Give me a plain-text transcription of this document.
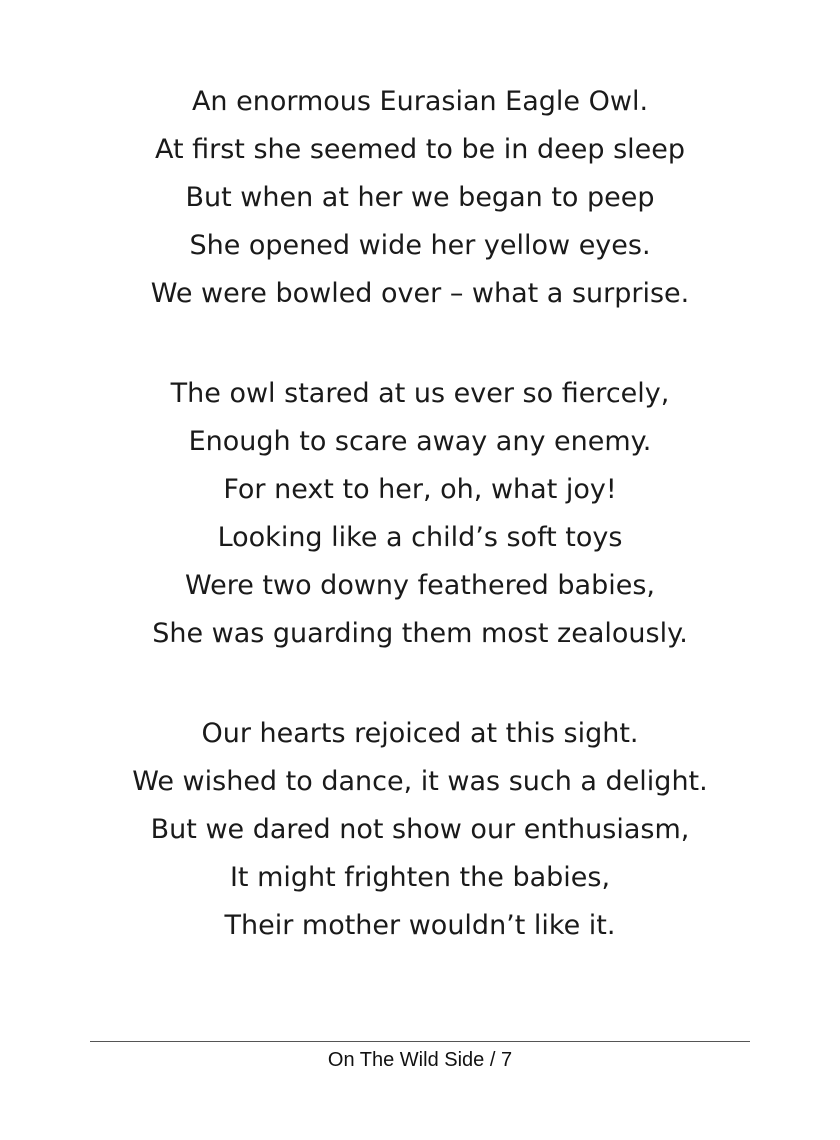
An enormous Eurasian Eagle Owl.
At first she seemed to be in deep sleep
But when at her we began to peep
She opened wide her yellow eyes.
We were bowled over – what a surprise.
The owl stared at us ever so fiercely,
Enough to scare away any enemy.
For next to her, oh, what joy!
Looking like a child’s soft toys
Were two downy feathered babies,
She was guarding them most zealously.
Our hearts rejoiced at this sight.
We wished to dance, it was such a delight.
But we dared not show our enthusiasm,
It might frighten the babies,
Their mother wouldn’t like it.
On The Wild Side / 7
